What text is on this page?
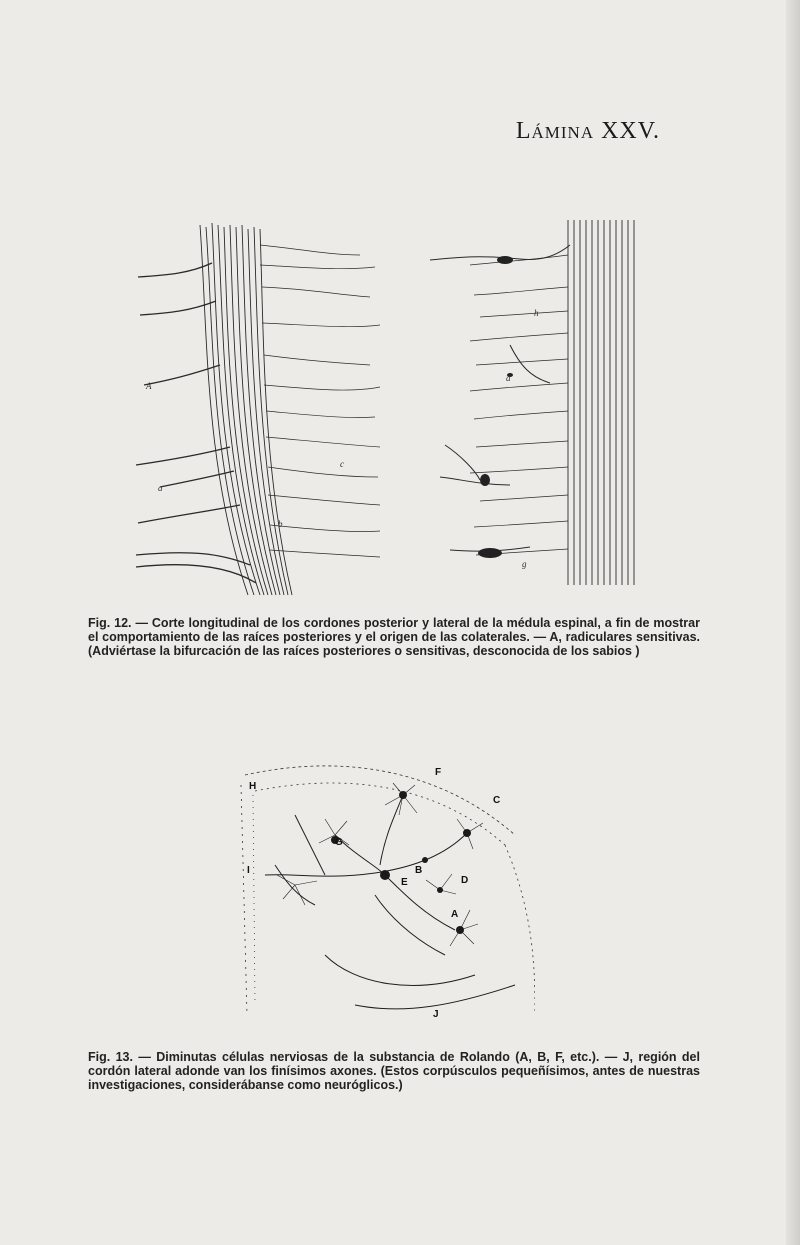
Lámina XXV.
A
a
b
c
d
h
g
Fig. 12. — Corte longitudinal de los cordones posterior y lateral de la médula espinal, a fin de mostrar el comportamiento de las raíces posteriores y el origen de las colaterales. — A, radiculares sensitivas. (Adviértase la bifurcación de las raíces posteriores o sensitivas, desconocida de los sabios )
H
F
C
G
I	B
E	D
A
J
Fig. 13. — Diminutas células nerviosas de la substancia de Rolando (A, B, F, etc.). — J, región del cordón lateral adonde van los finísimos axones. (Estos corpúsculos pequeñísimos, antes de nuestras investigaciones, considerábanse como neuróglicos.)
